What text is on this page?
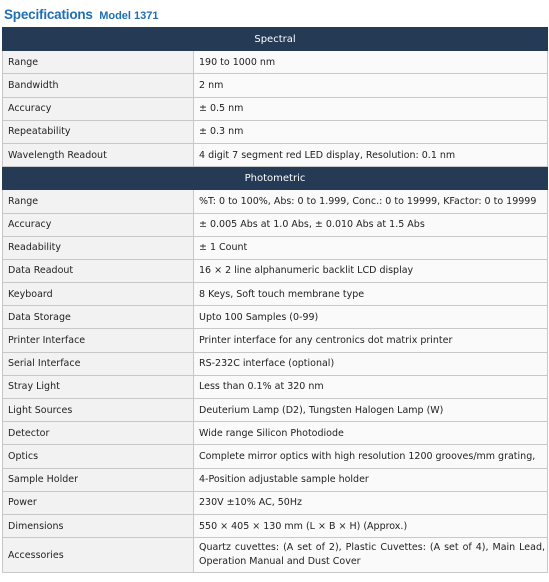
Specifications Model 1371
Spectral	
Range	190 to 1000 nm
Bandwidth	2 nm
Accuracy	± 0.5 nm
Repeatability	± 0.3 nm
Wavelength Readout	4 digit 7 segment red LED display, Resolution: 0.1 nm
Photometric	
Range	%T: 0 to 100%, Abs: 0 to 1.999, Conc.: 0 to 19999, KFactor: 0 to 19999
Accuracy	± 0.005 Abs at 1.0 Abs, ± 0.010 Abs at 1.5 Abs
Readability	± 1 Count
Data Readout	16 × 2 line alphanumeric backlit LCD display
Keyboard	8 Keys, Soft touch membrane type
Data Storage	Upto 100 Samples (0-99)
Printer Interface	Printer interface for any centronics dot matrix printer
Serial Interface	RS-232C interface (optional)
Stray Light	Less than 0.1% at 320 nm
Light Sources	Deuterium Lamp (D2), Tungsten Halogen Lamp (W)
Detector	Wide range Silicon Photodiode
Optics	Complete mirror optics with high resolution 1200 grooves/mm grating,
Sample Holder	4-Position adjustable sample holder
Power	230V ±10% AC, 50Hz
Dimensions	550 × 405 × 130 mm (L × B × H) (Approx.)
Accessories	Quartz cuvettes: (A set of 2), Plastic Cuvettes: (A set of 4), Main Lead, Operation Manual and Dust Cover
